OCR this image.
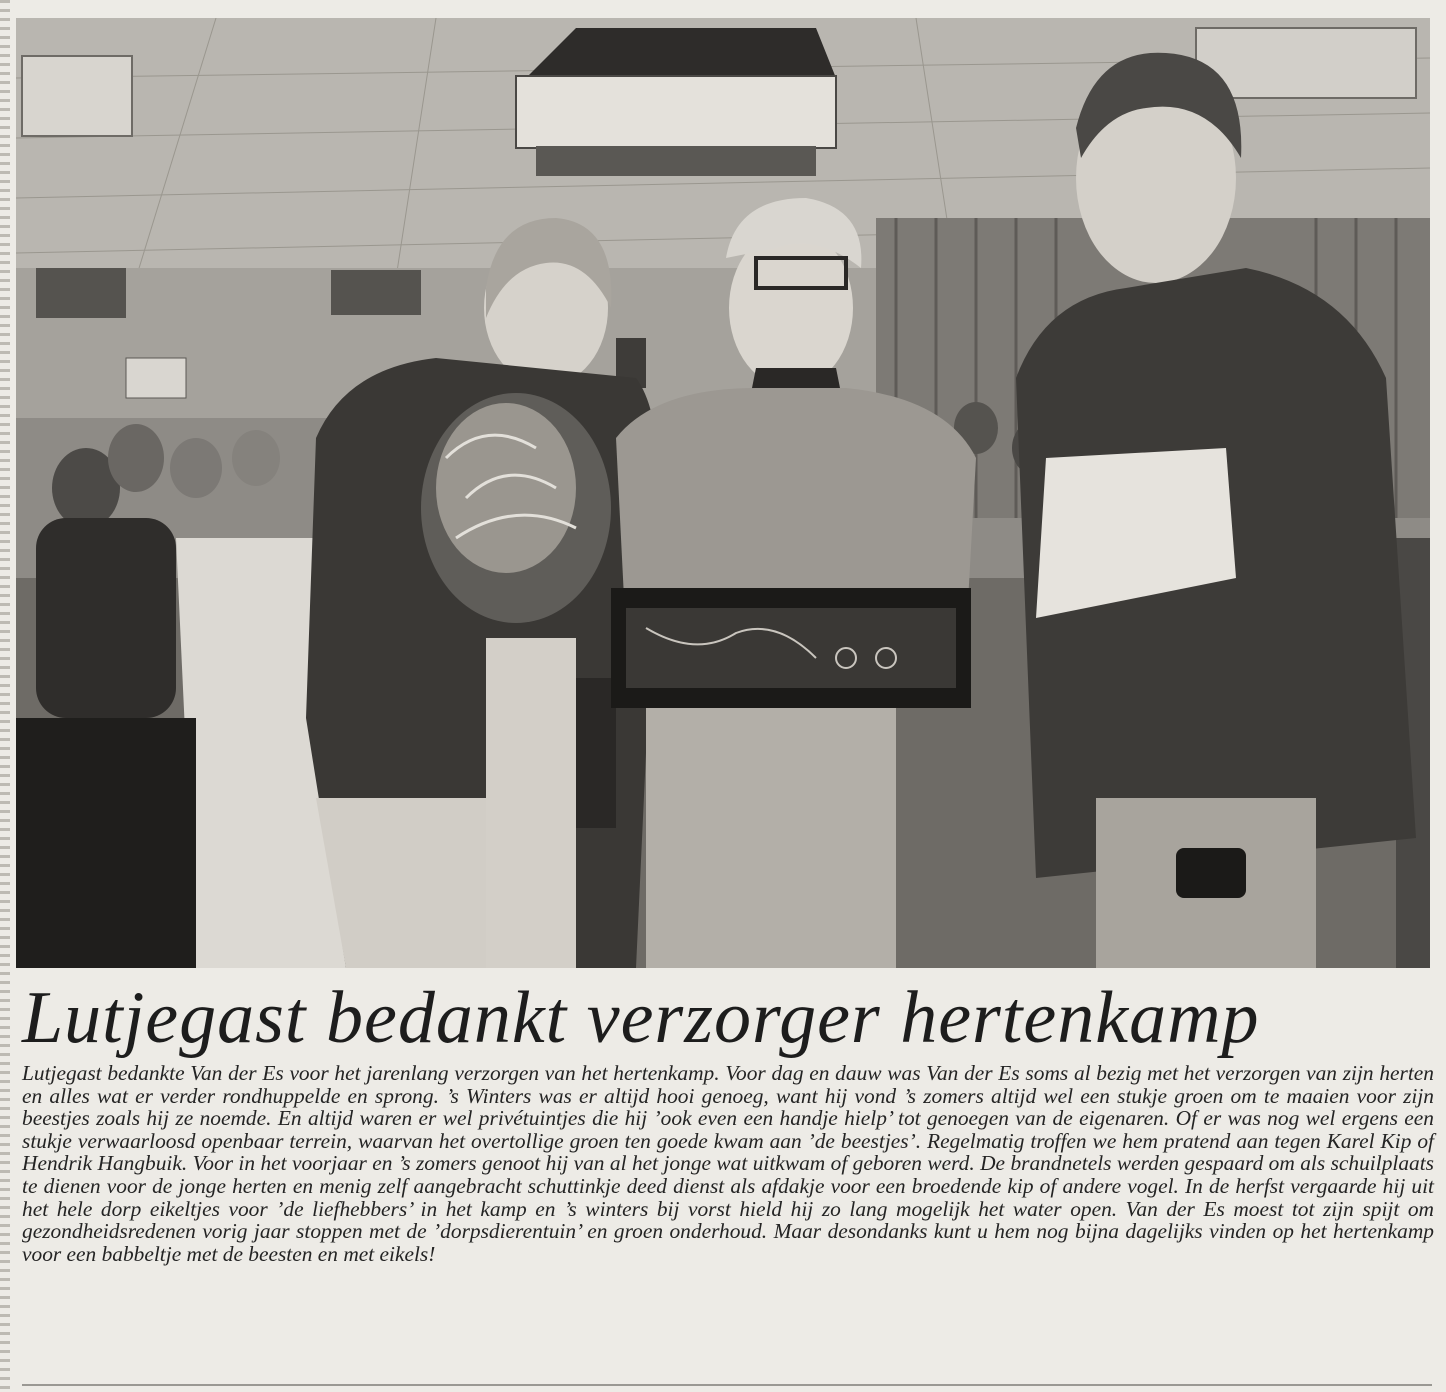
Lutjegast bedankt verzorger hertenkamp
Lutjegast bedankte Van der Es voor het jarenlang verzorgen van het hertenkamp. Voor dag en dauw was Van der Es soms al bezig met het verzorgen van zijn herten en alles wat er verder rondhuppelde en sprong. ’s Winters was er altijd hooi genoeg, want hij vond ’s zomers altijd wel een stukje groen om te maaien voor zijn beestjes zoals hij ze noemde. En altijd waren er wel privétuintjes die hij ’ook even een handje hielp’ tot genoegen van de eigenaren. Of er was nog wel ergens een stukje verwaarloosd openbaar terrein, waarvan het overtollige groen ten goede kwam aan ’de beestjes’. Regelmatig troffen we hem pratend aan tegen Karel Kip of Hendrik Hangbuik. Voor in het voorjaar en ’s zomers genoot hij van al het jonge wat uitkwam of geboren werd. De brandnetels werden gespaard om als schuilplaats te dienen voor de jonge herten en menig zelf aangebracht schuttinkje deed dienst als afdakje voor een broedende kip of andere vogel. In de herfst vergaarde hij uit het hele dorp eikeltjes voor ’de liefhebbers’ in het kamp en ’s winters bij vorst hield hij zo lang mogelijk het water open. Van der Es moest tot zijn spijt om gezondheidsredenen vorig jaar stoppen met de ’dorpsdierentuin’ en groen onderhoud. Maar desondanks kunt u hem nog bijna dagelijks vinden op het hertenkamp voor een babbeltje met de beesten en met eikels!
